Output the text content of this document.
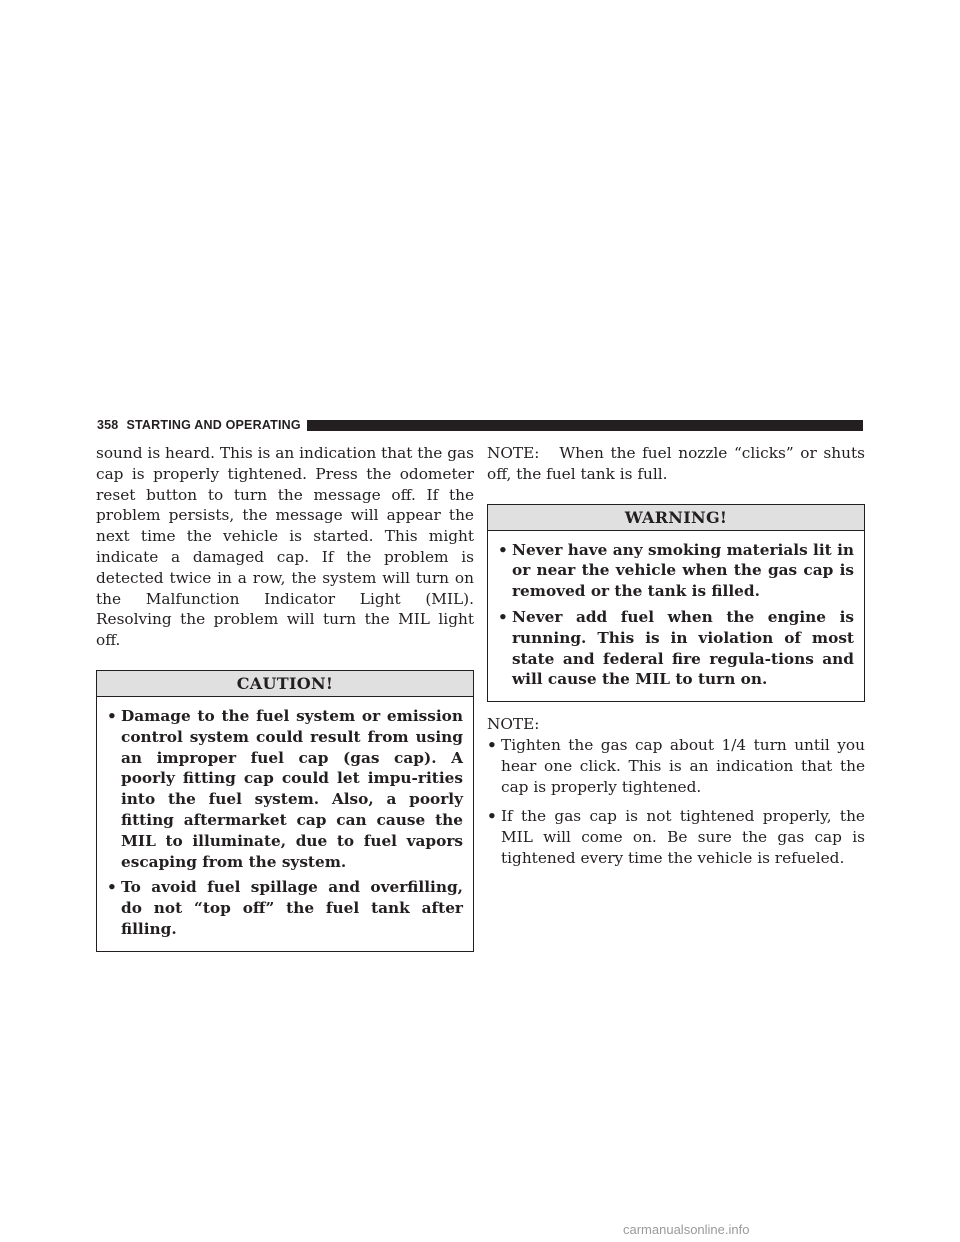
358 STARTING AND OPERATING

sound is heard. This is an indication that the gas cap is properly tightened. Press the odometer reset button to turn the message off. If the problem persists, the message will appear the next time the vehicle is started. This might indicate a damaged cap. If the problem is detected twice in a row, the system will turn on the Malfunction Indicator Light (MIL). Resolving the problem will turn the MIL light off.

CAUTION!
• Damage to the fuel system or emission control system could result from using an improper fuel cap (gas cap). A poorly fitting cap could let impu-rities into the fuel system. Also, a poorly fitting aftermarket cap can cause the MIL to illuminate, due to fuel vapors escaping from the system.
• To avoid fuel spillage and overfilling, do not “top off” the fuel tank after filling.

NOTE: When the fuel nozzle “clicks” or shuts off, the fuel tank is full.

WARNING!
• Never have any smoking materials lit in or near the vehicle when the gas cap is removed or the tank is filled.
• Never add fuel when the engine is running. This is in violation of most state and federal fire regula-tions and will cause the MIL to turn on.
NOTE:
• Tighten the gas cap about 1/4 turn until you hear one click. This is an indication that the cap is properly tightened.
• If the gas cap is not tightened properly, the MIL will come on. Be sure the gas cap is tightened every time the vehicle is refueled.
carmanualsonline.info
